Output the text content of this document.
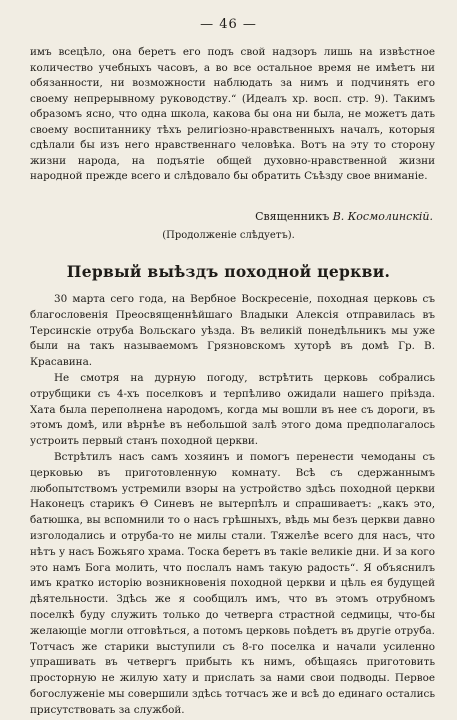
— 46 —
имъ всецѣло, она беретъ его подъ свой надзоръ лишь на извѣстное количество учебныхъ часовъ, а во все остальное время не имѣетъ ни обязанности, ни возможности наблюдать за нимъ и подчинять его своему непрерывному руководству.“ (Идеалъ хр. восп. стр. 9). Такимъ образомъ ясно, что одна школа, какова бы она ни была, не можетъ дать своему воспитаннику тѣхъ религіозно-нравственныхъ началъ, которыя сдѣлали бы изъ него нравственнаго человѣка. Вотъ на эту то сторону жизни народа, на подъятіе общей духовно-нравственной жизни народной прежде всего и слѣдовало бы обратить Съѣзду свое вниманіе.
Священникъ В. Космолинскій.
(Продолженіе слѣдуетъ).
Первый выѣздъ походной церкви.

30 марта сего года, на Вербное Воскресеніе, походная церковь съ благословенія Преосвященнѣйшаго Владыки Алексія отправилась въ Терсинскіе отруба Вольскаго уѣзда. Въ великій понедѣльникъ мы уже были на такъ называемомъ Грязновскомъ хуторѣ въ домѣ Гр. В. Красавина.

Не смотря на дурную погоду, встрѣтить церковь собрались отрубщики съ 4-хъ поселковъ и терпѣливо ожидали нашего пріѣзда. Хата была переполнена народомъ, когда мы вошли въ нее съ дороги, въ этомъ домѣ, или вѣрнѣе въ небольшой залѣ этого дома предполагалось устроить первый станъ походной церкви.

Встрѣтилъ насъ самъ хозяинъ и помогъ перенести чемоданы съ церковью въ приготовленную комнату. Всѣ съ сдержаннымъ любопытствомъ устремили взоры на устройство здѣсь походной церкви Наконецъ старикъ Ѳ Синевъ не вытерпѣлъ и спрашиваетъ: „какъ это, батюшка, вы вспомнили то о насъ грѣшныхъ, вѣдь мы безъ церкви давно изголодались и отруба-то не милы стали. Тяжелѣе всего для насъ, что нѣтъ у насъ Божьяго храма. Тоска беретъ въ такіе великіе дни. И за кого это намъ Бога молить, что послалъ намъ такую радость“. Я объяснилъ имъ кратко исторію возникновенія походной церкви и цѣль ея будущей дѣятельности. Здѣсь же я сообщилъ имъ, что въ этомъ отрубномъ поселкѣ буду служить только до четверга страстной седмицы, что-бы желающіе могли отговѣться, а потомъ церковь поѣдетъ въ другіе отруба. Тотчасъ же старики выступили съ 8-го поселка и начали усиленно упрашивать въ четвергъ прибыть къ нимъ, обѣщаясь приготовить просторную не жилую хату и прислать за нами свои подводы. Первое богослуженіе мы совершили здѣсь тотчасъ же и всѣ до единаго остались присутствовать за службой.
